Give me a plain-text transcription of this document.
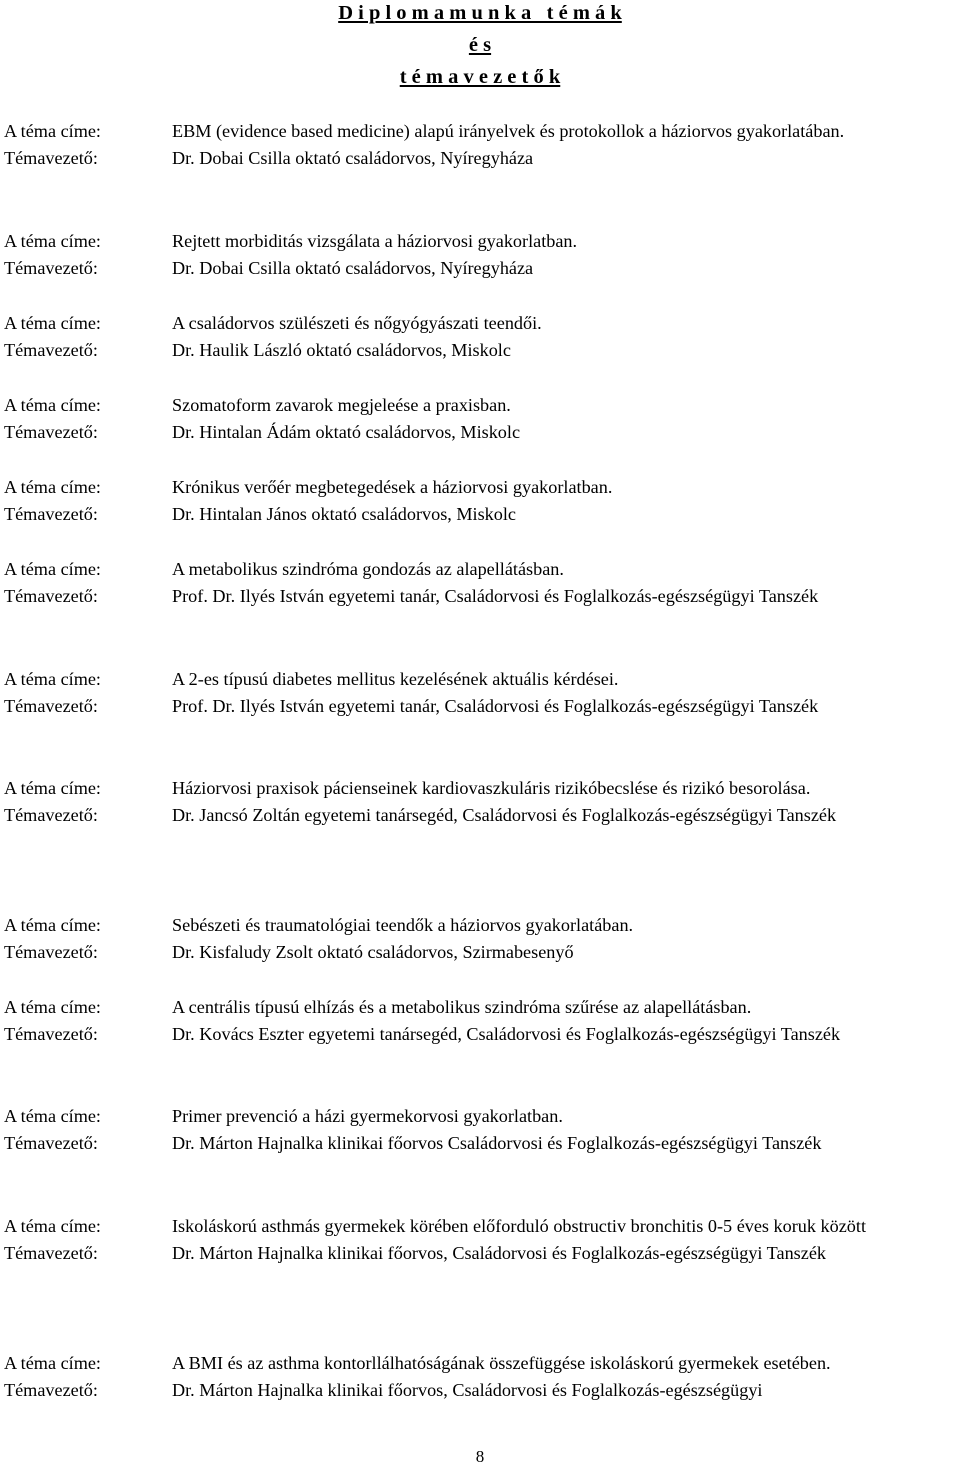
D i p l o m a m u n k a   t é m á k
é s
t é m a v e z e t ő k
A téma címe:	EBM (evidence based medicine) alapú irányelvek és protokollok a háziorvos gyakorlatában.
Témavezető:	Dr. Dobai Csilla oktató családorvos, Nyíregyháza
A téma címe:	Rejtett morbiditás vizsgálata a háziorvosi gyakorlatban.
Témavezető:	Dr. Dobai Csilla oktató családorvos, Nyíregyháza
A téma címe:	A családorvos szülészeti és nőgyógyászati teendői.
Témavezető:	Dr. Haulik László oktató családorvos, Miskolc
A téma címe:	Szomatoform zavarok megjeleése a praxisban.
Témavezető:	Dr. Hintalan Ádám oktató családorvos, Miskolc
A téma címe:	Krónikus verőér megbetegedések a háziorvosi gyakorlatban.
Témavezető:	Dr. Hintalan János oktató családorvos, Miskolc
A téma címe:	A metabolikus szindróma gondozás az alapellátásban.
Témavezető:	Prof. Dr. Ilyés István egyetemi tanár, Családorvosi és Foglalkozás-egészségügyi Tanszék
A téma címe:	A 2-es típusú diabetes mellitus kezelésének aktuális kérdései.
Témavezető:	Prof. Dr. Ilyés István egyetemi tanár, Családorvosi és Foglalkozás-egészségügyi Tanszék
A téma címe:	Háziorvosi praxisok pácienseinek kardiovaszkuláris rizikóbecslése és rizikó besorolása.
Témavezető:	Dr. Jancsó Zoltán egyetemi tanársegéd, Családorvosi és Foglalkozás-egészségügyi Tanszék
A téma címe:	Sebészeti és traumatológiai teendők a háziorvos gyakorlatában.
Témavezető:	Dr. Kisfaludy Zsolt oktató családorvos, Szirmabesenyő
A téma címe:	A centrális típusú elhízás és a metabolikus szindróma szűrése az alapellátásban.
Témavezető:	Dr. Kovács Eszter egyetemi tanársegéd, Családorvosi és Foglalkozás-egészségügyi Tanszék
A téma címe:	Primer prevenció a házi gyermekorvosi gyakorlatban.
Témavezető:	Dr. Márton Hajnalka klinikai főorvos Családorvosi és Foglalkozás-egészségügyi Tanszék
A téma címe:	Iskoláskorú asthmás gyermekek körében előforduló obstructiv bronchitis 0-5 éves koruk között
Témavezető:	Dr. Márton Hajnalka klinikai főorvos, Családorvosi és Foglalkozás-egészségügyi Tanszék
A téma címe:	A BMI és az asthma kontorllálhatóságának összefüggése iskoláskorú gyermekek esetében.
Témavezető:	Dr. Márton Hajnalka klinikai főorvos, Családorvosi és Foglalkozás-egészségügyi
8
